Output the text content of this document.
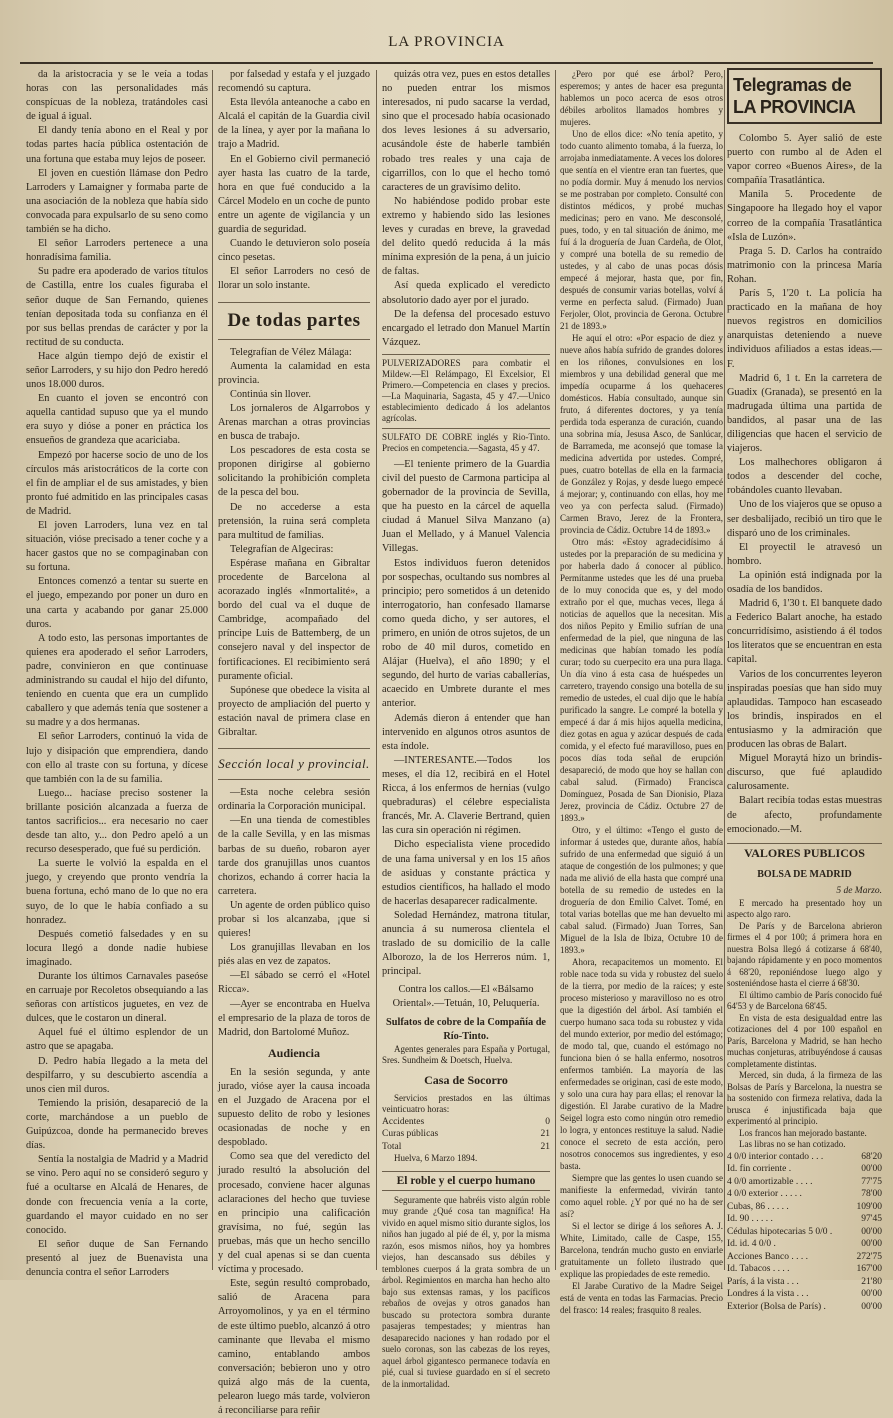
LA PROVINCIA

da la aristocracia y se le veía a todas horas con las personalidades más conspícuas de la nobleza, tratándoles casi de igual á igual.

El dandy tenía abono en el Real y por todas partes hacía pública ostentación de una fortuna que estaba muy lejos de poseer.

El joven en cuestión llámase don Pedro Larroders y Lamaigner y formaba parte de una asociación de la nobleza que había sido convocada para expulsarlo de su seno como también se ha dicho.

El señor Larroders pertenece a una honradísima familia.

Su padre era apoderado de varios títulos de Castilla, entre los cuales figuraba el señor duque de San Fernando, quienes tenían depositada toda su confianza en él por sus bellas prendas de carácter y por la rectitud de su conducta.

Hace algún tiempo dejó de existir el señor Larroders, y su hijo don Pedro heredó unos 18.000 duros.

En cuanto el joven se encontró con aquella cantidad supuso que ya el mundo era suyo y dióse a poner en práctica los ensueños de grandeza que acariciaba.

Empezó por hacerse socio de uno de los círculos más aristocráticos de la corte con el fin de ampliar el de sus amistades, y bien pronto fué admitido en las principales casas de Madrid.

El joven Larroders, luna vez en tal situación, vióse precisado a tener coche y a hacer gastos que no se compaginaban con su fortuna.

Entonces comenzó a tentar su suerte en el juego, empezando por poner un duro en una carta y acabando por ganar 25.000 duros.

A todo esto, las personas importantes de quienes era apoderado el señor Larroders, padre, convinieron en que continuase administrando su caudal el hijo del difunto, teniendo en cuenta que era un cumplido caballero y que además tenía que sostener a su madre y a dos hermanas.

El señor Larroders, continuó la vida de lujo y disipación que emprendiera, dando con ello al traste con su fortuna, y dícese que también con la de su familia.

Luego... hacíase preciso sostener la brillante posición alcanzada a fuerza de tantos sacrificios... era necesario no caer desde tan alto, y... don Pedro apeló a un recurso desesperado, que fué su perdición.

La suerte le volvió la espalda en el juego, y creyendo que pronto vendría la buena fortuna, echó mano de lo que no era suyo, de lo que le había confiado a su honradez.

Después cometió falsedades y en su locura llegó a donde nadie hubiese imaginado.

Durante los últimos Carnavales paseóse en carruaje por Recoletos obsequiando a las señoras con artísticos juguetes, en vez de dulces, que le costaron un dineral.

Aquel fué el último esplendor de un astro que se apagaba.

D. Pedro había llegado a la meta del despilfarro, y su descubierto ascendía a unos cien mil duros.

Temiendo la prisión, desapareció de la corte, marchándose a un pueblo de Guipúzcoa, donde ha permanecido breves días.

Sentía la nostalgia de Madrid y a Madrid se vino. Pero aquí no se consideró seguro y fué a ocultarse en Alcalá de Henares, de donde con frecuencia venía a la corte, guardando el mayor cuidado en no ser conocido.

El señor duque de San Fernando presentó al juez de Buenavista una denuncia contra el señor Larroders

por falsedad y estafa y el juzgado recomendó su captura.

Esta llevóla anteanoche a cabo en Alcalá el capitán de la Guardia civil de la línea, y ayer por la mañana lo trajo a Madrid.

En el Gobierno civil permaneció ayer hasta las cuatro de la tarde, hora en que fué conducido a la Cárcel Modelo en un coche de punto entre un agente de vigilancia y un guardia de seguridad.

Cuando le detuvieron solo poseía cinco pesetas.

El señor Larroders no cesó de llorar un solo instante.

De todas partes

Telegrafían de Vélez Málaga:

Aumenta la calamidad en esta provincia.

Continúa sin llover.

Los jornaleros de Algarrobos y Arenas marchan a otras provincias en busca de trabajo.

Los pescadores de esta costa se proponen dirigirse al gobierno solicitando la prohibición completa de la pesca del bou.

De no accederse a esta pretensión, la ruina será completa para multitud de familias.

Telegrafían de Algeciras:

Espérase mañana en Gibraltar procedente de Barcelona al acorazado inglés «Inmortalité», a bordo del cual va el duque de Cambridge, acompañado del príncipe Luis de Battemberg, de un consejero naval y del inspector de fortificaciones. El recibimiento será puramente oficial.

Supónese que obedece la visita al proyecto de ampliación del puerto y estación naval de primera clase en Gibraltar.

Sección local y provincial.

—Esta noche celebra sesión ordinaria la Corporación municipal.

—En una tienda de comestibles de la calle Sevilla, y en las mismas barbas de su dueño, robaron ayer tarde dos granujillas unos cuantos chorizos, echando á correr hacia la carretera.

Un agente de orden público quiso probar si los alcanzaba, ¡que si quieres!

Los granujillas llevaban en los piés alas en vez de zapatos.

—El sábado se cerró el «Hotel Ricca».

—Ayer se encontraba en Huelva el empresario de la plaza de toros de Madrid, don Bartolomé Muñoz.

Audiencia

En la sesión segunda, y ante jurado, vióse ayer la causa incoada en el Juzgado de Aracena por el supuesto delito de robo y lesiones ocasionadas de noche y en despoblado.

Como sea que del veredicto del jurado resultó la absolución del procesado, conviene hacer algunas aclaraciones del hecho que tuviese en principio una calificación gravísima, no fué, según las pruebas, más que un hecho sencillo y del cual apenas si se dan cuenta víctima y procesado.

Este, según resultó comprobado, salió de Aracena para Arroyomolinos, y ya en el término de este último pueblo, alcanzó á otro caminante que llevaba el mismo camino, entablando ambos conversación; bebieron uno y otro quizá algo más de la cuenta, pelearon luego más tarde, volvieron á reconciliarse para reñir

quizás otra vez, pues en estos detalles no pueden entrar los mismos interesados, ni pudo sacarse la verdad, sino que el procesado había ocasionado dos leves lesiones á su adversario, acusándole éste de haberle también robado tres reales y una caja de cigarrillos, con lo que el hecho tomó caracteres de un gravísimo delito.

No habiéndose podido probar este extremo y habiendo sido las lesiones leves y curadas en breve, la gravedad del delito quedó reducida á la más mínima expresión de la pena, á un juicio de faltas.

Así queda explicado el veredicto absolutorio dado ayer por el jurado.

De la defensa del procesado estuvo encargado el letrado don Manuel Martín Vázquez.

PULVERIZADORES para combatir el Mildew.—El Relámpago, El Excelsior, El Primero.—Competencia en clases y precios.—La Maquinaria, Sagasta, 45 y 47.—Unico establecimiento dedicado á los adelantos agrícolas.
SULFATO DE COBRE inglés y Rio-Tinto. Precios en competencia.—Sagasta, 45 y 47.

—El teniente primero de la Guardia civil del puesto de Carmona participa al gobernador de la provincia de Sevilla, que ha puesto en la cárcel de aquella ciudad á Manuel Silva Manzano (a) Juan el Mellado, y á Manuel Valencia Villegas.

Estos individuos fueron detenidos por sospechas, ocultando sus nombres al principio; pero sometidos á un detenido interrogatorio, han confesado llamarse como queda dicho, y ser autores, el primero, en unión de otros sujetos, de un robo de 40 mil duros, cometido en Alájar (Huelva), el año 1890; y el segundo, del hurto de varias caballerías, acaecido en Umbrete durante el mes anterior.

Además dieron á entender que han intervenido en algunos otros asuntos de esta índole.

—INTERESANTE.—Todos los meses, el día 12, recibirá en el Hotel Ricca, á los enfermos de hernias (vulgo quebraduras) el célebre especialista francés, Mr. A. Claverie Bertrand, quien las cura sin operación ni régimen.

Dicho especialista viene procedido de una fama universal y en los 15 años de asiduas y constante práctica y estudios científicos, ha hallado el modo de hacerlas desaparecer radicalmente.

Soledad Hernández, matrona titular, anuncia á su numerosa clientela el traslado de su domicilio de la calle Alborozo, la de los Herreros núm. 1, principal.

Contra los callos.—El «Bálsamo Oriental».—Tetuán, 10, Peluquería.

Sulfatos de cobre de la Compañía de Río-Tinto.

Agentes generales para España y Portugal, Sres. Sundheim & Doetsch, Huelva.

Casa de Socorro

Servicios prestados en las últimas veinticuatro horas:

Accidentes	0
Curas públicas	21
Total	21

Huelva, 6 Marzo 1894.

El roble y el cuerpo humano

Seguramente que habréis visto algún roble muy grande ¿Qué cosa tan magnífica! Ha vivido en aquel mismo sitio durante siglos, los niños han jugado al pié de él, y, por la misma razón, esos mismos niños, hoy ya hombres viejos, han descansado sus débiles y temblones cuerpos á la grata sombra de un árbol. Regimientos en marcha han hecho alto bajo sus extensas ramas, y los pacíficos rebaños de ovejas y otros ganados han buscado su protectora sombra durante pasajeras tempestades; y mientras han desaparecido naciones y han rodado por el suelo coronas, son las cabezas de los reyes, aquel árbol gigantesco permanece todavía en pié, cual si tuviese guardado en sí el secreto de la inmortalidad.

¿Pero por qué ese árbol? Pero, esperemos; y antes de hacer esa pregunta hablemos un poco acerca de esos otros débiles arbolitos llamados hombres y mujeres.

Uno de ellos dice: «No tenía apetito, y todo cuanto alimento tomaba, á la fuerza, lo arrojaba inmediatamente. A veces los dolores que sentía en el vientre eran tan fuertes, que no podía dormir. Muy á menudo los nervios se me postraban por completo. Consulté con distintos médicos, y probé muchas medicinas; pero en vano. Me desconsolé, pues, todo, y en tal situación de ánimo, me fuí á la droguería de Juan Cardeña, de Olot, y compré una botella de su remedio de ustedes, y al cabo de unas pocas dósis empecé á mejorar, hasta que, por fin, después de consumir varias botellas, volví á verme en perfecta salud. (Firmado) Juan Ferjoler, Olot, provincia de Gerona. Octubre 21 de 1893.»

He aquí el otro: «Por espacio de diez y nueve años había sufrido de grandes dolores en los riñones, convulsiones en los miembros y una debilidad general que me impedía ocuparme á los quehaceres domésticos. Había consultado, aunque sin fruto, á diferentes doctores, y ya tenía perdida toda esperanza de curación, cuando una sobrina mía, Jesusa Asco, de Sanlúcar, de Barrameda, me aconsejó que tomase la medicina advertida por ustedes. Compré, pues, cuatro botellas de ella en la farmacia de González y Rojas, y desde luego empecé á mejorar; y, continuando con ellas, hoy me veo ya con perfecta salud. (Firmado) Carmen Bravo, Jerez de la Frontera, provincia de Cádiz. Octubre 14 de 1893.»

Otro más: «Estoy agradecidísimo á ustedes por la preparación de su medicina y por haberla dado á conocer al público. Permítanme ustedes que les dé una prueba de lo muy conocida que es, y del modo extraño por el que, muchas veces, llega á noticias de aquellos que la necesitan. Mis dos niños Pepito y Emilio sufrían de una enfermedad de la piel, que ninguna de las medicinas que habían tomado les podía curar; todo su cuerpecito era una pura llaga. Un día vino á esta casa de huéspedes un carretero, trayendo consigo una botella de su remedio de ustedes, el cual dijo que le había purificado la sangre. Le compré la botella y empecé á dar á mis hijos aquella medicina, diez gotas en agua y azúcar después de cada comida, y el efecto fué maravilloso, pues en pocos días toda señal de erupción desapareció, de modo que hoy se hallan con cabal salud. (Firmado) Francisca Domínguez, Posada de San Dionisio, Plaza Jerez, provincia de Cádiz. Octubre 27 de 1893.»

Otro, y el último: «Tengo el gusto de informar á ustedes que, durante años, había sufrido de una enfermedad que siguió á un ataque de congestión de los pulmones; y que nada me alivió de ella hasta que compré una botella de su remedio de ustedes en la droguería de don Emilio Calvet. Tomé, en total varias botellas que me han devuelto mi cabal salud. (Firmado) Juan Torres, San Miguel de la Isla de Ibiza, Octubre 10 de 1893.»

Ahora, recapacitemos un momento. El roble nace toda su vida y robustez del suelo de la tierra, por medio de la raíces; y este proceso misterioso y maravilloso no es otro que la digestión del árbol. Así también el cuerpo humano saca toda su robustez y vida del mundo exterior, por medio del estómago; de modo tal, que, cuando el estómago no funciona bien ó se halla enfermo, nosotros enfermos también. La mayoría de las enfermedades se originan, casi de este modo, y solo una cura hay para ellas; el renovar la digestión. El Jarabe curativo de la Madre Seigel logra esto como ningún otro remedio lo logra, y entonces restituye la salud. Nadie conoce el secreto de esta acción, pero nosotros conocemos sus ingredientes, y eso basta.

Siempre que las gentes lo usen cuando se manifieste la enfermedad, vivirán tanto como aquel roble. ¿Y por qué no ha de ser así?

Si el lector se dirige á los señores A. J. White, Limitado, calle de Caspe, 155, Barcelona, tendrán mucho gusto en enviarle gratuitamente un folleto ilustrado que explique las propiedades de este remedio.

El Jarabe Curativo de la Madre Seigel está de venta en todas las Farmacias. Precio del frasco: 14 reales; frasquito 8 reales.

Telegramas de LA PROVINCIA

Colombo 5. Ayer salió de este puerto con rumbo al de Aden el vapor correo «Buenos Aires», de la compañía Trasatlántica.

Manila 5. Procedente de Singapoore ha llegado hoy el vapor correo de la compañía Trasatlántica «Isla de Luzón».

Praga 5. D. Carlos ha contraído matrimonio con la princesa María Rohan.

París 5, 1'20 t. La policía ha practicado en la mañana de hoy nuevos registros en domicilios anarquistas deteniendo a nueve individuos afiliados a estas ideas.—F.

Madrid 6, 1 t. En la carretera de Guadix (Granada), se presentó en la madrugada última una partida de bandidos, al pasar una de las diligencias que hacen el servicio de viajeros.

Los malhechores obligaron á todos a descender del coche, robándoles cuanto llevaban.

Uno de los viajeros que se opuso a ser desbalijado, recibió un tiro que le disparó uno de los criminales.

El proyectil le atravesó un hombro.

La opinión está indignada por la osadía de los bandidos.

Madrid 6, 1'30 t. El banquete dado a Federico Balart anoche, ha estado concurridísimo, asistiendo á él todos los literatos que se encuentran en esta capital.

Varios de los concurrentes leyeron inspiradas poesías que han sido muy aplaudidas. Tampoco han escaseado los brindis, inspirados en el entusiasmo y la admiración que producen las obras de Balart.

Miguel Moraytá hizo un brindis-discurso, que fué aplaudido calurosamente.

Balart recibía todas estas muestras de afecto, profundamente emocionado.—M.

VALORES PUBLICOS
BOLSA DE MADRID

5 de Marzo.

E mercado ha presentado hoy un aspecto algo raro.

De París y de Barcelona abrieron firmes el 4 por 100; á primera hora en nuestra Bolsa llegó á cotizarse á 68'40, bajando rápidamente y en poco momentos á 68'20, reponiéndose luego algo y sosteniéndose hasta el cierre á 68'30.

El último cambio de París conocido fué 64'53 y de Barcelona 68'45.

En vista de esta desigualdad entre las cotizaciones del 4 por 100 español en París, Barcelona y Madrid, se han hecho muchas conjeturas, atribuyéndose á causas completamente distintas.

Merced, sin duda, á la firmeza de las Bolsas de París y Barcelona, la nuestra se ha sostenido con firmeza relativa, dada la brusca é injustificada baja que experimentó al principio.

Los francos han mejorado bastante.

Las libras no se han cotizado.

4 0/0 interior contado . . .	68'20
Id. fin corriente .	00'00
4 0/0 amortizable . . . .	77'75
4 0/0 exterior . . . . .	78'00
Cubas, 86 . . . . .	109'00
Id. 90 . . . . .	97'45
Cédulas hipotecarias 5 0/0 .	00'00
Id. id. 4 0/0 .	00'00
Acciones Banco . . . .	272'75
Id. Tabacos . . . .	167'00
París, á la vista . . .	21'80
Londres á la vista . . .	00'00
Exterior (Bolsa de París) .	00'00
